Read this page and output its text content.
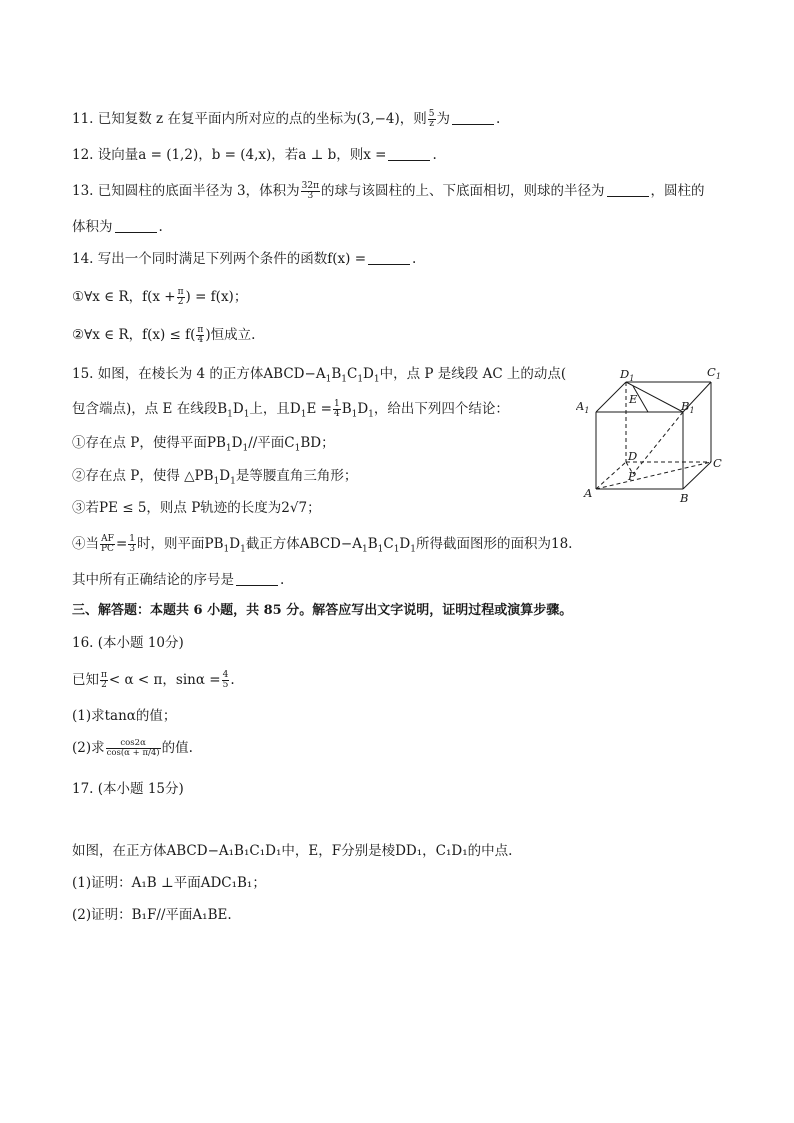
11. 已知复数 z 在复平面内所对应的点的坐标为(3,−4)，则 $\frac{5}{z}$ 为	.
12. 设向量a = (1,2)，b = (4,x)，若a ⊥ b，则x =	.
13. 已知圆柱的底面半径为 3，体积为 $\frac{32\pi}{3}$ 的球与该圆柱的上、下底面相切，则球的半径为	，圆柱的
体积为	.
14. 写出一个同时满足下列两个条件的函数f(x) =	.
①∀x ∈ R，$f(x + \frac{\pi}{2}$ ) = f(x)；
②∀x ∈ R，$f(x) \le f( \frac{\pi}{4}$ )恒成立.
15. 如图，在棱长为 4 的正方体$ABCD-A_1B_1C_1D_1$中，点 P 是线段 AC 上的动点(
包含端点)，点 E 在线段$B_1D_1$上，且$D_1E = \frac{1}{4} B_1D_1$，给出下列四个结论：
①存在点 P，使得平面$PB_1D_1//$平面$C_1BD$；
②存在点 P，使得 $\triangle PB_1D_1$是等腰直角三角形；
③若PE ≤ 5，则点 P轨迹的长度为2√7；
④当 $\frac{AF}{PC} = \frac{1}{3}$ 时，则平面$PB_1D_1$截正方体$ABCD-A_1B_1C_1D_1$所得截面图形的面积为18.
其中所有正确结论的序号是	.
$D_1$	$C_1$
$A_1$	$B_1$
E
D	C
P
A	B
三、解答题：本题共 6 小题，共 85 分。解答应写出文字说明，证明过程或演算步骤。
16. (本小题 10分)
已知 $\frac{\pi}{2} < \alpha < \pi$，$\sin\alpha = \frac{4}{5}$ .
(1)求tanα的值；
(2)求 $\frac{\cos 2\alpha}{\cos(\alpha + \pi/4)}$ 的值.
17. (本小题 15分)
如图，在正方体ABCD−A₁B₁C₁D₁中，E，F分别是棱DD₁，C₁D₁的中点.
(1)证明：A₁B ⊥平面ADC₁B₁；
(2)证明：B₁F//平面A₁BE.
